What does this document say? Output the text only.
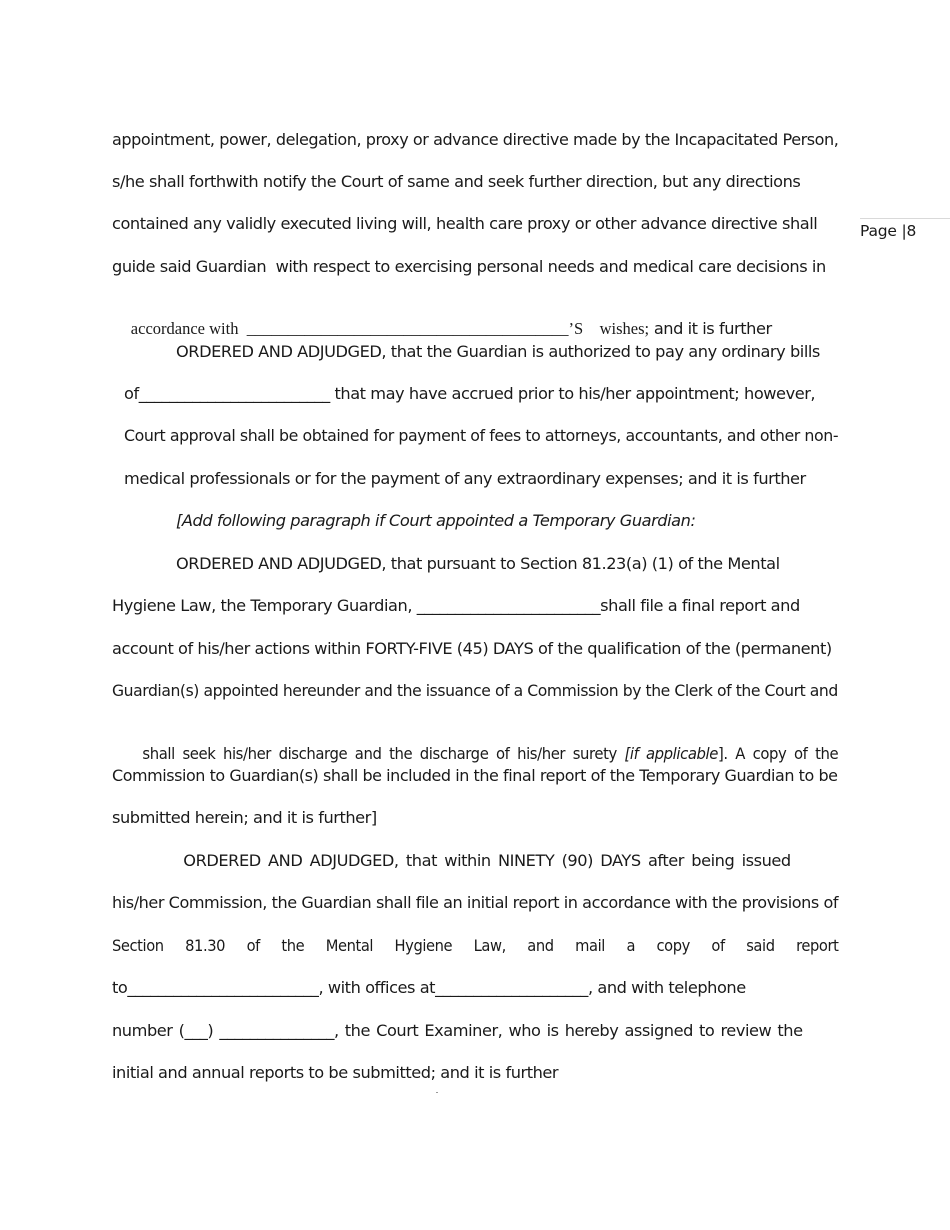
Page |8
appointment, power, delegation, proxy or advance directive made by the Incapacitated Person,
s/he shall forthwith notify the Court of same and seek further direction, but any directions
contained any validly executed living will, health care proxy or other advance directive shall
guide said Guardian  with respect to exercising personal needs and medical care decisions in

accordance with  _______________________________________’S    wishes; and it is further

ORDERED AND ADJUDGED, that the Guardian is authorized to pay any ordinary bills
of_________________________ that may have accrued prior to his/her appointment; however,
Court approval shall be obtained for payment of fees to attorneys, accountants, and other non-
medical professionals or for the payment of any extraordinary expenses; and it is further
[Add following paragraph if Court appointed a Temporary Guardian:
ORDERED AND ADJUDGED, that pursuant to Section 81.23(a) (1) of the Mental
Hygiene Law, the Temporary Guardian, ________________________shall file a final report and
account of his/her actions within FORTY-FIVE (45) DAYS of the qualification of the (permanent)
Guardian(s) appointed hereunder and the issuance of a Commission by the Clerk of the Court and

shall seek his/her discharge and the discharge of his/her surety [if applicable]. A copy of the

Commission to Guardian(s) shall be included in the final report of the Temporary Guardian to be
submitted herein; and it is further]
ORDERED AND ADJUDGED, that within NINETY (90) DAYS after being issued
his/her Commission, the Guardian shall file an initial report in accordance with the provisions of
Section 81.30 of the Mental Hygiene Law, and mail a copy of said report
to_________________________, with offices at____________________, and with telephone
number (___) _______________, the Court Examiner, who is hereby assigned to review the
initial and annual reports to be submitted; and it is further
